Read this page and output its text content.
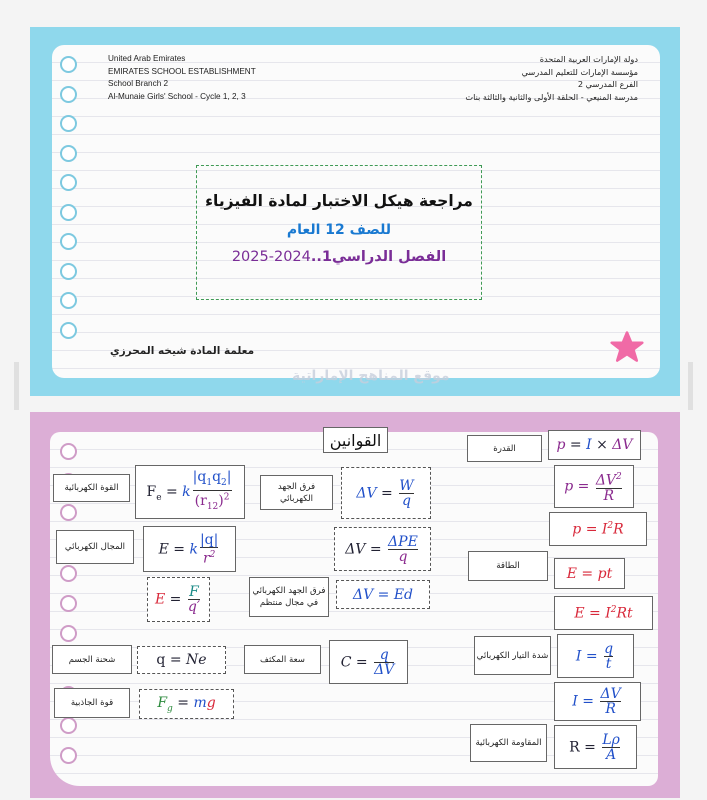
United Arab Emirates
EMIRATES SCHOOL ESTABLISHMENT
School Branch 2
Al-Munaie Girls' School - Cycle 1, 2, 3
دولة الإمارات العربية المتحدة
مؤسسة الإمارات للتعليم المدرسي
الفرع المدرسي 2
مدرسة المنيعي - الحلقة الأولى والثانية والثالثة بنات
مراجعة هيكل الاختبار لمادة الفيزياء
للصف 12 العام
الفصل الدراسي1..2024-2025
معلمة المادة شيخه المحرزي
موقع المناهج الإماراتية
القوانين
القوة الكهربائية $F_e = k \frac{|q_1q_2|}{(r_{12})^2}$
المجال الكهربائي E = k $\frac{|q|}{r^2}$
$E = \frac{F}{q'}$
شحنة الجسم	q = Ne
قوة الجاذبية	$F_g$ = mg
فرق الجهد الكهربائي	$\Delta V = \frac{W}{q}$
ΔV = ΔPE
q
فرق الجهد الكهربائي في مجال منتظم
ΔV = Ed
سعة المكثف	$C = \frac{q}{\Delta V}$
القدرة	p = I × ΔV
$p = \frac{\Delta V^2}{R}$
$p = I^2R$
الطاقة	E = pt
$E = I^2Rt$
شدة التيار الكهربائي $I = \frac{q}{t}$
$I = \frac{\Delta V}{R}$
المقاومة الكهربائية $R = \frac{L\rho}{A}$
